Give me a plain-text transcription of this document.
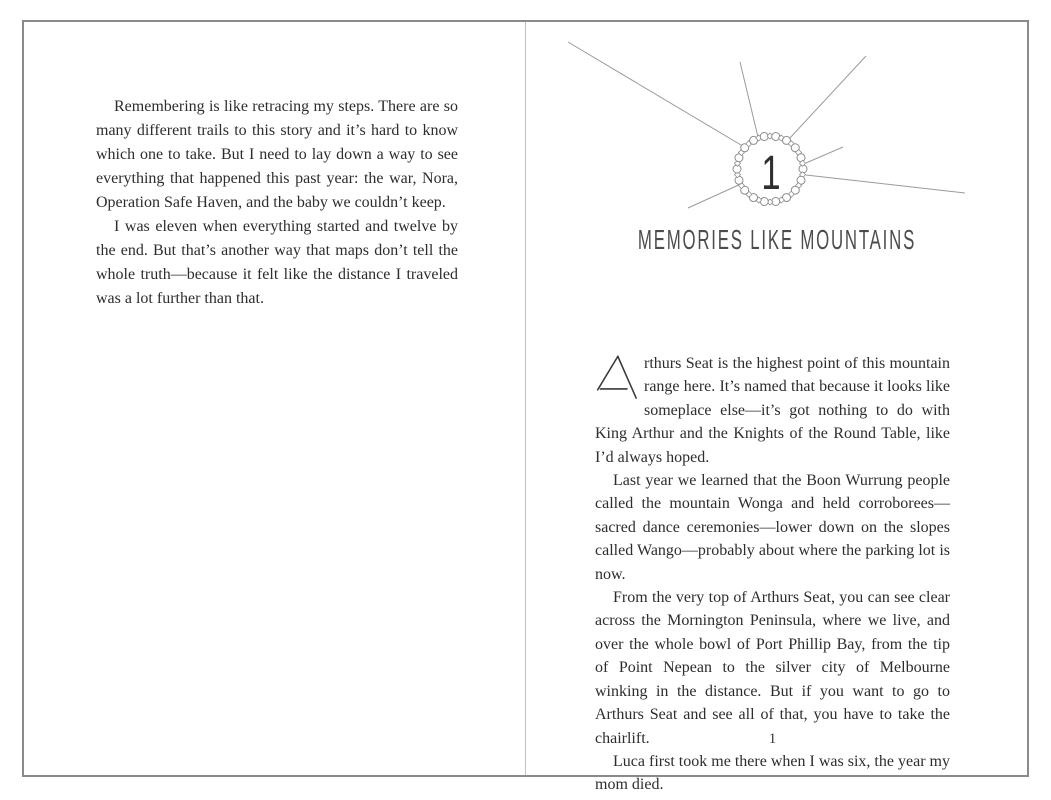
Remembering is like retracing my steps. There are so many different trails to this story and it’s hard to know which one to take. But I need to lay down a way to see everything that happened this past year: the war, Nora, Operation Safe Haven, and the baby we couldn’t keep.

I was eleven when everything started and twelve by the end. But that’s another way that maps don’t tell the whole truth—because it felt like the distance I traveled was a lot further than that.

1
MEMORIES LIKE MOUNTAINS

rthurs Seat is the highest point of this mountain range here. It’s named that because it looks like someplace else—it’s got nothing to do with King Arthur and the Knights of the Round Table, like I’d always hoped.

Last year we learned that the Boon Wurrung people called the mountain Wonga and held corroborees—sacred dance ceremonies—lower down on the slopes called Wango—probably about where the parking lot is now.

From the very top of Arthurs Seat, you can see clear across the Mornington Peninsula, where we live, and over the whole bowl of Port Phillip Bay, from the tip of Point Nepean to the silver city of Melbourne winking in the distance. But if you want to go to Arthurs Seat and see all of that, you have to take the chairlift.

Luca first took me there when I was six, the year my mom died.

1
